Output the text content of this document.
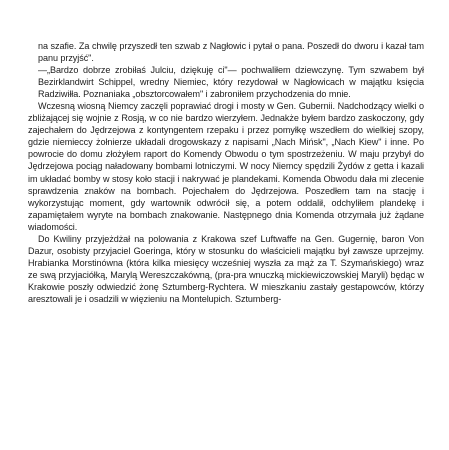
na szafie. Za chwilę przyszedł ten szwab z Nagłowic i pytał o pana. Poszedł do dworu i kazał tam panu przyjść".

—„Bardzo dobrze zrobiłaś Julciu, dziękuję ci"— pochwaliłem dziewczynę. Tym szwabem był Bezirklandwirt Schippel, wredny Niemiec, który rezydował w Nagłowicach w majątku księcia Radziwiłła. Poznaniaka „obsztorcowałem" i zabroniłem przychodzenia do mnie.

Wczesną wiosną Niemcy zaczęli poprawiać drogi i mosty w Gen. Gubernii. Nadchodzący wielki o zbliżającej się wojnie z Rosją, w co nie bardzo wierzyłem. Jednakże byłem bardzo zaskoczony, gdy zajechałem do Jędrzejowa z kontyngentem rzepaku i przez pomyłkę wszedłem do wielkiej szopy, gdzie niemieccy żołnierze układali drogowskazy z napisami „Nach Mińsk", „Nach Kiew" i inne. Po powrocie do domu złożyłem raport do Komendy Obwodu o tym spostrzeżeniu. W maju przybył do Jędrzejowa pociąg naładowany bombami lotniczymi. W nocy Niemcy spędzili Żydów z getta i kazali im układać bomby w stosy koło stacji i nakrywać je plandekami. Komenda Obwodu dała mi zlecenie sprawdzenia znaków na bombach. Pojechałem do Jędrzejowa. Poszedłem tam na stację i wykorzystując moment, gdy wartownik odwrócił się, a potem oddalił, odchyliłem plandekę i zapamiętałem wyryte na bombach znakowanie. Następnego dnia Komenda otrzymała już żądane wiadomości.

Do Kwiliny przyjeżdżał na polowania z Krakowa szef Luftwaffe na Gen. Gugernię, baron Von Dazur, osobisty przyjaciel Goeringa, który w stosunku do właścicieli majątku był zawsze uprzejmy. Hrabianka Morstinówna (która kilka miesięcy wcześniej wyszła za mąż za T. Szymańskiego) wraz ze swą przyjaciółką, Marylą Wereszczakówną, (pra-pra wnuczką mickiewiczowskiej Maryli) będąc w Krakowie poszły odwiedzić żonę Sztumberg-Rychtera. W mieszkaniu zastały gestapowców, którzy aresztowali je i osadzili w więzieniu na Montelupich. Sztumberg-
